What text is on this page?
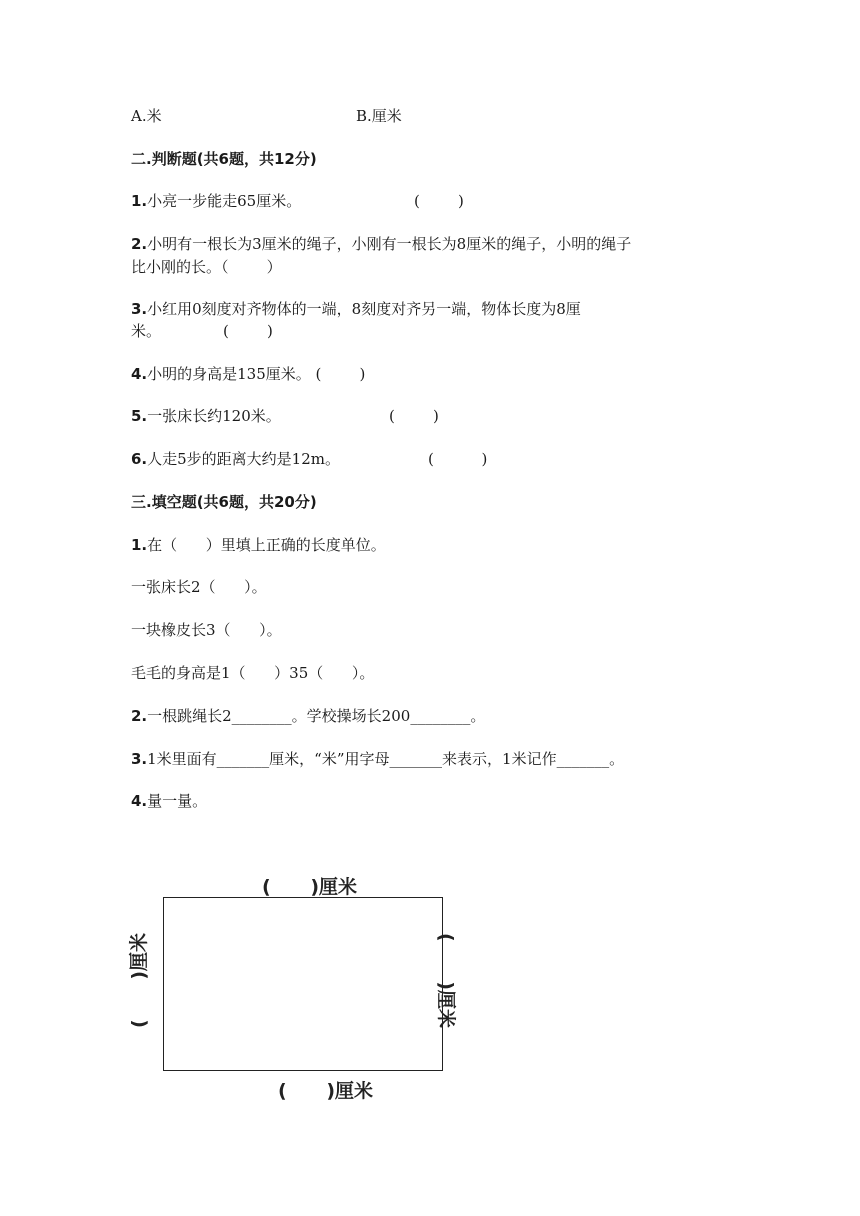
A.米	B.厘米
二.判断题(共6题，共12分)
1.小亮一步能走65厘米。	(        )
2.小明有一根长为3厘米的绳子，小刚有一根长为8厘米的绳子，小明的绳子
比小刚的长。（        ）
3.小红用0刻度对齐物体的一端，8刻度对齐另一端，物体长度为8厘
米。             (        )
4.小明的身高是135厘米。 (        )
5.一张床长约120米。	(        )
6.人走5步的距离大约是12m。	(          )
三.填空题(共6题，共20分)
1.在（      ）里填上正确的长度单位。
一张床长2（      ）。
一块橡皮长3（      ）。
毛毛的身高是1（      ）35（      ）。
2.一根跳绳长2________。学校操场长200________。
3.1米里面有_______厘米，“米”用字母_______来表示，1米记作_______。
4.量一量。
(      )厘米
(      )厘米
(      )厘米	(      )厘米
